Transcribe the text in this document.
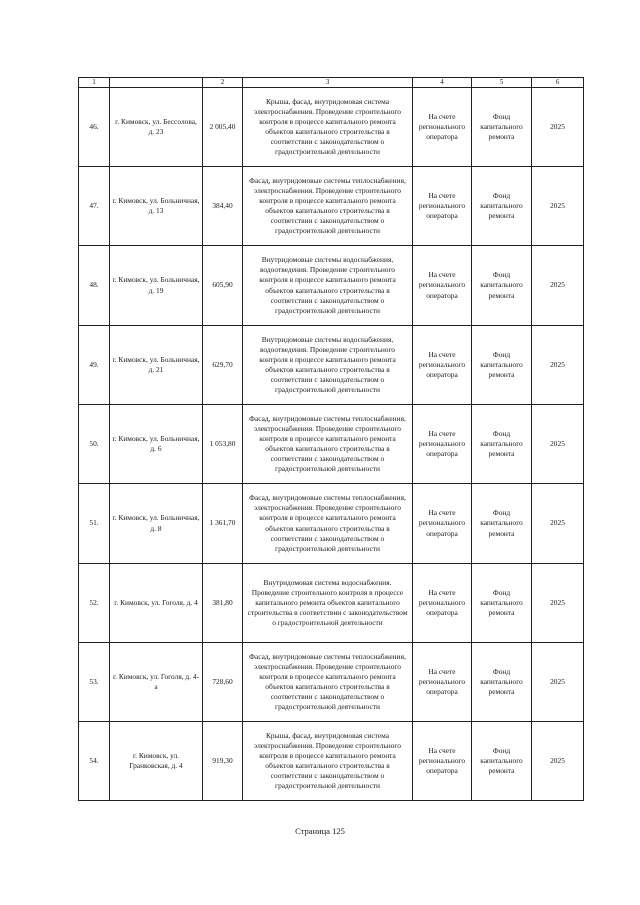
1		2	3	4	5	6
46.	г. Кимовск, ул. Бессолова, д. 23	2 005,40	Крыша, фасад, внутридомовая система электроснабжения. Проведение строительного контроля в процессе капитального ремонта объектов капитального строительства в соответствии с законодательством о градостроительной деятельности	На счете регионального оператора	Фонд капитального ремонта	2025
47.	г. Кимовск, ул. Больничная, д. 13	384,40	Фасад, внутридомовые системы теплоснабжения, электроснабжения. Проведение строительного контроля в процессе капитального ремонта объектов капитального строительства в соответствии с законодательством о градостроительной деятельности	На счете регионального оператора	Фонд капитального ремонта	2025
48.	г. Кимовск, ул. Больничная, д. 19	605,90	Внутридомовые системы водоснабжения, водоотведения. Проведение строительного контроля в процессе капитального ремонта объектов капитального строительства в соответствии с законодательством о градостроительной деятельности	На счете регионального оператора	Фонд капитального ремонта	2025
49.	г. Кимовск, ул. Больничная, д. 21	629,70	Внутридомовые системы водоснабжения, водоотведения. Проведение строительного контроля в процессе капитального ремонта объектов капитального строительства в соответствии с законодательством о градостроительной деятельности	На счете регионального оператора	Фонд капитального ремонта	2025
50.	г. Кимовск, ул. Больничная, д. 6	1 053,80	Фасад, внутридомовые системы теплоснабжения, электроснабжения. Проведение строительного контроля в процессе капитального ремонта объектов капитального строительства в соответствии с законодательством о градостроительной деятельности	На счете регионального оператора	Фонд капитального ремонта	2025
51.	г. Кимовск, ул. Больничная, д. 8	1 361,70	Фасад, внутридомовые системы теплоснабжения, электроснабжения. Проведение строительного контроля в процессе капитального ремонта объектов капитального строительства в соответствии с законодательством о градостроительной деятельности	На счете регионального оператора	Фонд капитального ремонта	2025
52.	г. Кимовск, ул. Гоголя, д. 4	381,80	Внутридомовая система водоснабжения. Проведение строительного контроля в процессе капитального ремонта объектов капитального строительства в соответствии с законодательством о градостроительной деятельности	На счете регионального оператора	Фонд капитального ремонта	2025
53.	г. Кимовск, ул. Гоголя, д. 4-а	728,60	Фасад, внутридомовые системы теплоснабжения, электроснабжения. Проведение строительного контроля в процессе капитального ремонта объектов капитального строительства в соответствии с законодательством о градостроительной деятельности	На счете регионального оператора	Фонд капитального ремонта	2025
54.	г. Кимовск, ул. Гранковская, д. 4	919,30	Крыша, фасад, внутридомовая система электроснабжения. Проведение строительного контроля в процессе капитального ремонта объектов капитального строительства в соответствии с законодательством о градостроительной деятельности	На счете регионального оператора	Фонд капитального ремонта	2025
Страница 125
